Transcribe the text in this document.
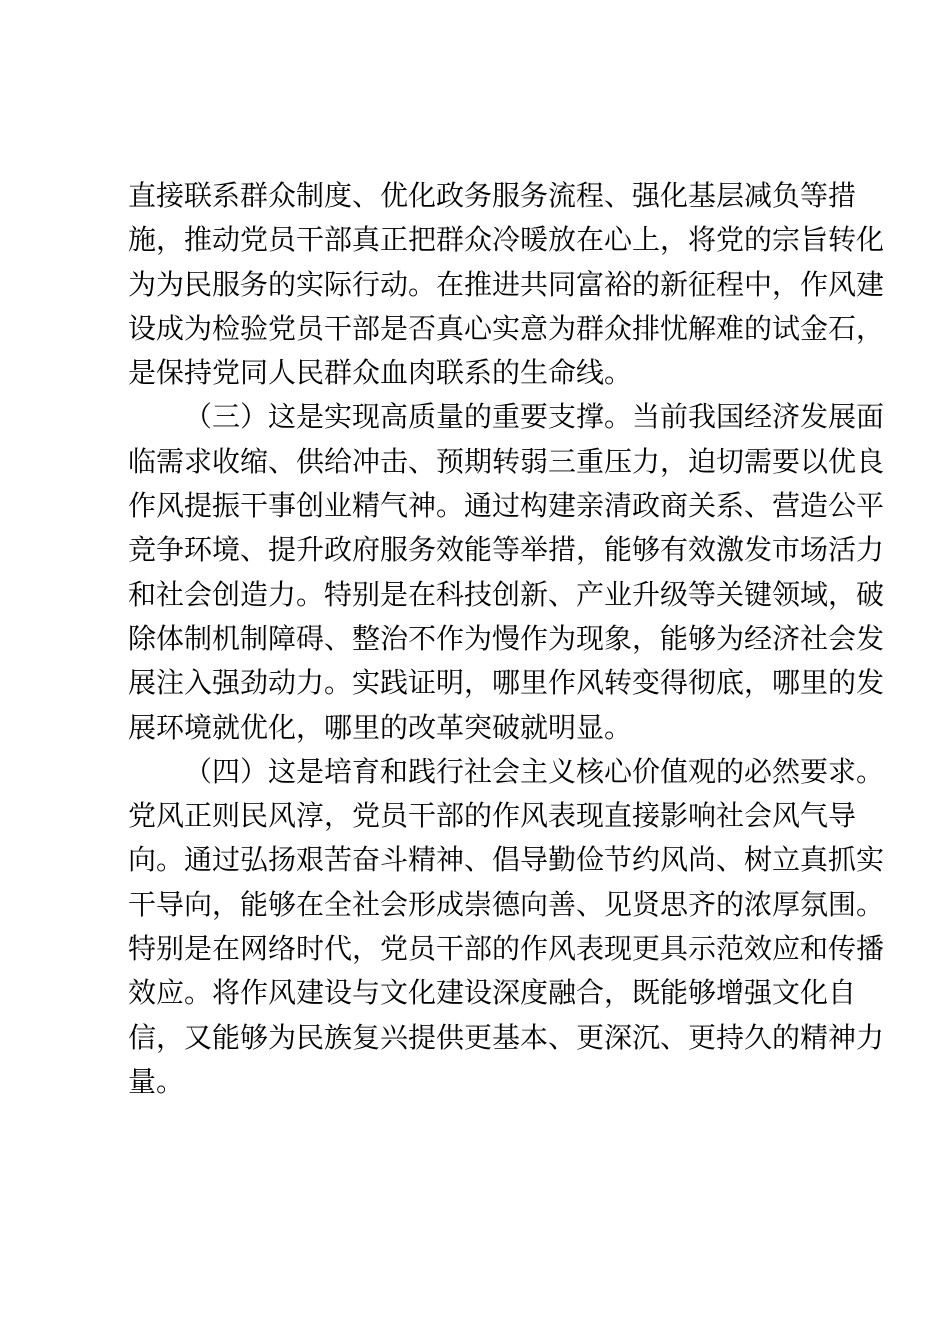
直接联系群众制度、优化政务服务流程、强化基层减负等措
施，推动党员干部真正把群众冷暖放在心上，将党的宗旨转化
为为民服务的实际行动。在推进共同富裕的新征程中，作风建
设成为检验党员干部是否真心实意为群众排忧解难的试金石，
是保持党同人民群众血肉联系的生命线。
（三）这是实现高质量的重要支撑。当前我国经济发展面
临需求收缩、供给冲击、预期转弱三重压力，迫切需要以优良
作风提振干事创业精气神。通过构建亲清政商关系、营造公平
竞争环境、提升政府服务效能等举措，能够有效激发市场活力
和社会创造力。特别是在科技创新、产业升级等关键领域，破
除体制机制障碍、整治不作为慢作为现象，能够为经济社会发
展注入强劲动力。实践证明，哪里作风转变得彻底，哪里的发
展环境就优化，哪里的改革突破就明显。
（四）这是培育和践行社会主义核心价值观的必然要求。
党风正则民风淳，党员干部的作风表现直接影响社会风气导
向。通过弘扬艰苦奋斗精神、倡导勤俭节约风尚、树立真抓实
干导向，能够在全社会形成崇德向善、见贤思齐的浓厚氛围。
特别是在网络时代，党员干部的作风表现更具示范效应和传播
效应。将作风建设与文化建设深度融合，既能够增强文化自
信，又能够为民族复兴提供更基本、更深沉、更持久的精神力
量。
